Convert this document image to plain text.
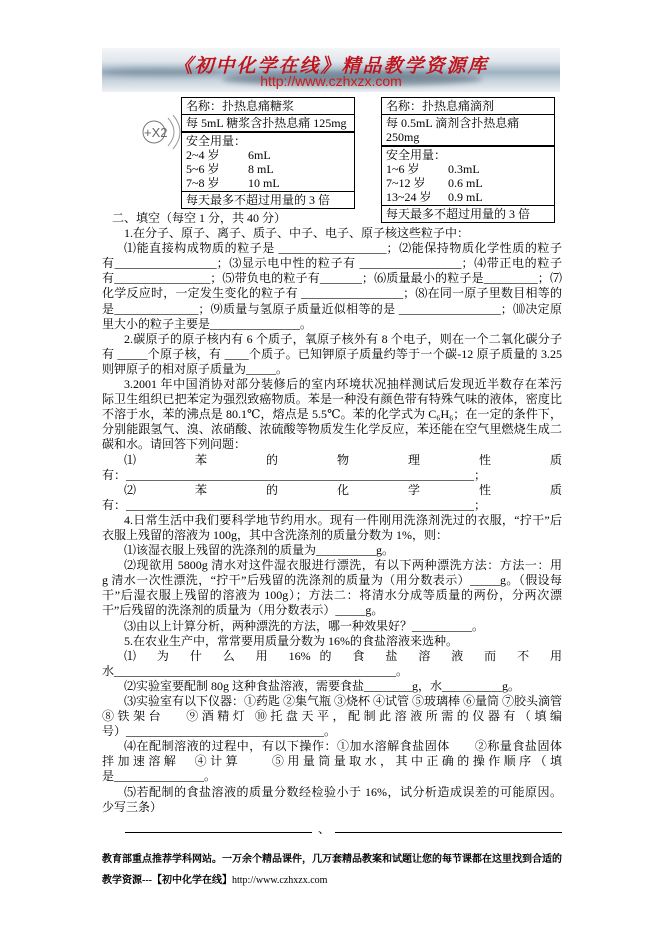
《初中化学在线》精品教学资源库
http://www.czhxzx.com
+X2
名称：扑热息痛糖浆
每 5mL 糖浆含扑热息痛 125mg
安全用量：
2~4 岁	6mL
5~6 岁	8 mL
7~8 岁	10 mL
每天最多不超过用量的 3 倍
名称：扑热息痛滴剂
每 0.5mL 滴剂含扑热息痛 250mg
安全用量：
1~6 岁	0.3mL
7~12 岁	0.6 mL
13~24 岁	0.9 mL
每天最多不超过用量的 3 倍
二、填空（每空 1 分，共 40 分）
1.在分子、原子、离子、质子、中子、电子、原子核这些粒子中：
⑴能直接构成物质的粒子是 __________________；⑵能保持物质化学性质的粒子
有_________________；⑶显示电中性的粒子有 _________________；⑷带正电的粒子
有________________；⑸带负电的粒子有_______；⑹质量最小的粒子是_________；⑺
化学反应时，一定发生变化的粒子有 _________________；⑻在同一原子里数目相等的
是______________；⑼质量与氢原子质量近似相等的是 _________________；⑽决定原
里大小的粒子主要是_______________。
2.碳原子的原子核内有 6 个质子，氧原子核外有 8 个电子，则在一个二氧化碳分子
有 _____个原子核，有 ____个质子。已知钾原子质量约等于一个碳-12 原子质量的 3.25
则钾原子的相对原子质量为_____。
3.2001 年中国消协对部分装修后的室内环境状况抽样测试后发现近半数存在苯污
际卫生组织已把苯定为强烈致癌物质。苯是一种没有颜色带有特殊气味的液体，密度比
不溶于水，苯的沸点是 80.1℃，熔点是 5.5℃。苯的化学式为 C₆H₆；在一定的条件下，
分别能跟氢气、溴、浓硝酸、浓硫酸等物质发生化学反应，苯还能在空气里燃烧生成二
碳和水。请回答下列问题：
⑴ 苯 的 物 理 性 质
有：__________________________________________________________；
⑵ 苯 的 化 学 性 质
有：__________________________________________________________；
4.日常生活中我们要科学地节约用水。现有一件刚用洗涤剂洗过的衣服，“拧干”后
衣服上残留的溶液为 100g，其中含洗涤剂的质量分数为 1%，则：
⑴该湿衣服上残留的洗涤剂的质量为__________g。
⑵现欲用 5800g 清水对这件湿衣服进行漂洗，有以下两种漂洗方法：方法一：用
g 清水一次性漂洗，“拧干”后残留的洗涤剂的质量为（用分数表示）_____g。（假设每
干”后湿衣服上残留的溶液为 100g）；方法二：将清水分成等质量的两份，分两次漂
干”后残留的洗涤剂的质量为（用分数表示）_____g。
⑶由以上计算分析，两种漂洗的方法，哪一种效果好？__________。
5.在农业生产中，常常要用质量分数为 16%的食盐溶液来选种。
⑴ 为 什 么 用 16%的 食 盐 溶 液 而 不 用
水_______________________________________________。
⑵实验室要配制 80g 这种食盐溶液，需要食盐________g，水__________g。
⑶实验室有以下仪器：①药匙 ②集气瓶 ③烧杯 ④试管 ⑤玻璃棒 ⑥量筒 ⑦胶头滴管
⑧铁架台　 ⑨酒精灯 ⑩托盘天平，配制此溶液所需的仪器有（填编
号）_________________________________。
⑷在配制溶液的过程中，有以下操作：①加水溶解食盐固体　　②称量食盐固体　　
拌 加 速 溶 解 　 ④ 计 算 　 　 ⑤ 用 量 筒 量 取 水 ， 其 中 正 确 的 操 作 顺 序 （ 填
是_______________。
⑸若配制的食盐溶液的质量分数经检验小于 16%，试分析造成误差的可能原因。
少写三条）
、
教育部重点推荐学科网站。一万余个精品课件，几万套精品教案和试题让您的每节课都在这里找到合适的
教学资源---【初中化学在线】http://www.czhxzx.com
